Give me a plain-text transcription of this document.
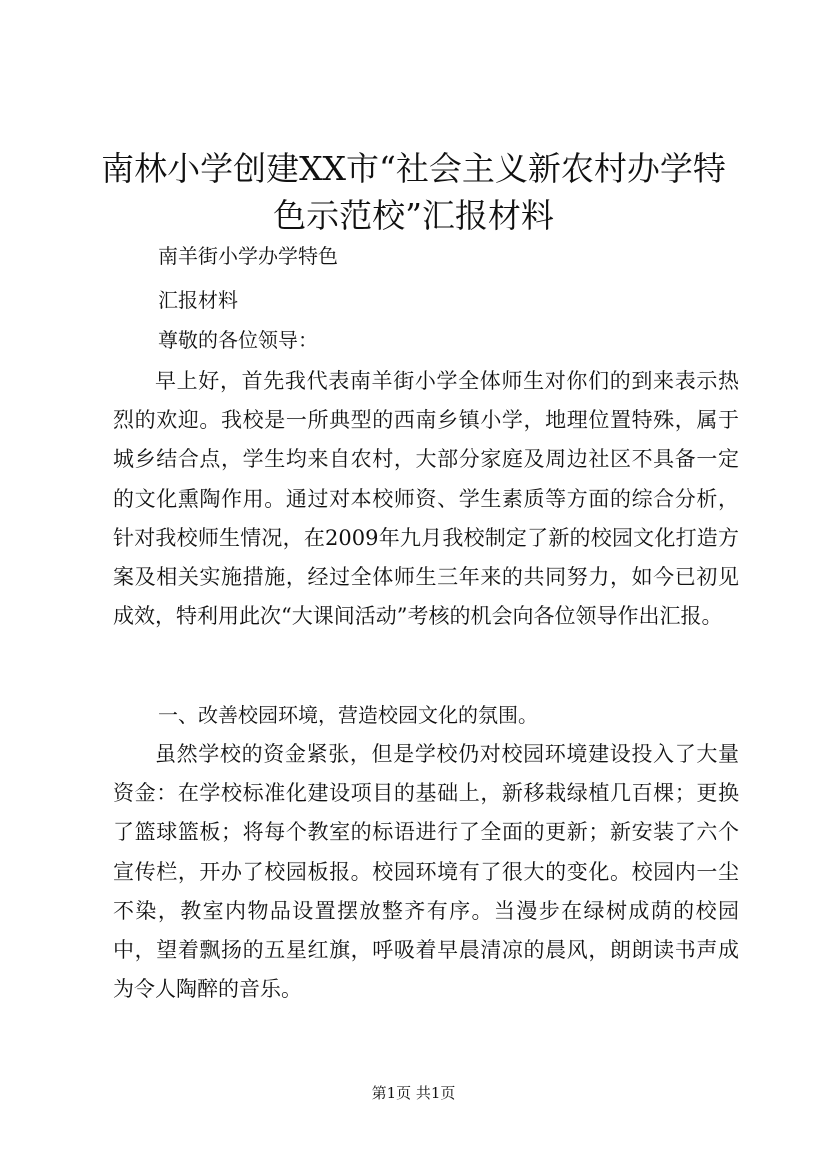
南林小学创建XX市“社会主义新农村办学特色示范校”汇报材料
南羊街小学办学特色
汇报材料
尊敬的各位领导：

早上好，首先我代表南羊街小学全体师生对你们的到来表示热烈的欢迎。我校是一所典型的西南乡镇小学，地理位置特殊，属于城乡结合点，学生均来自农村，大部分家庭及周边社区不具备一定的文化熏陶作用。通过对本校师资、学生素质等方面的综合分析，针对我校师生情况，在2009年九月我校制定了新的校园文化打造方案及相关实施措施，经过全体师生三年来的共同努力，如今已初见成效，特利用此次“大课间活动”考核的机会向各位领导作出汇报。

一、改善校园环境，营造校园文化的氛围。

虽然学校的资金紧张，但是学校仍对校园环境建设投入了大量资金：在学校标准化建设项目的基础上，新移栽绿植几百棵；更换了篮球篮板；将每个教室的标语进行了全面的更新；新安装了六个宣传栏，开办了校园板报。校园环境有了很大的变化。校园内一尘不染，教室内物品设置摆放整齐有序。当漫步在绿树成荫的校园中，望着飘扬的五星红旗，呼吸着早晨清凉的晨风，朗朗读书声成为令人陶醉的音乐。

第1页 共1页
